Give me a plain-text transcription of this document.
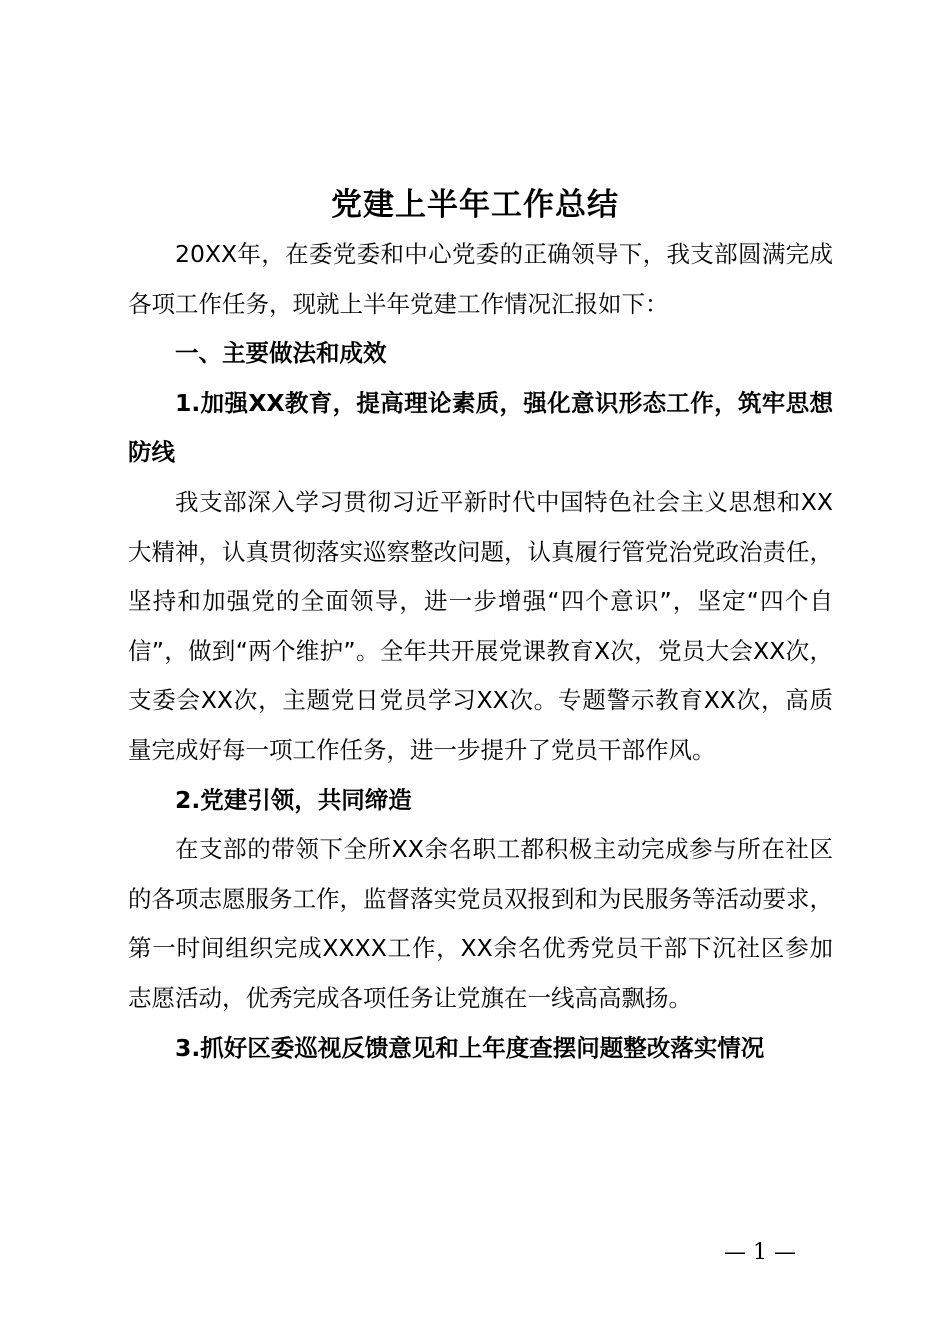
党建上半年工作总结

20XX年，在委党委和中心党委的正确领导下，我支部圆满完成各项工作任务，现就上半年党建工作情况汇报如下：

一、主要做法和成效

1.加强XX教育，提高理论素质，强化意识形态工作，筑牢思想防线

我支部深入学习贯彻习近平新时代中国特色社会主义思想和XX大精神，认真贯彻落实巡察整改问题，认真履行管党治党政治责任，坚持和加强党的全面领导，进一步增强“四个意识”，坚定“四个自信”，做到“两个维护”。全年共开展党课教育X次，党员大会XX次，支委会XX次，主题党日党员学习XX次。专题警示教育XX次，高质量完成好每一项工作任务，进一步提升了党员干部作风。

2.党建引领，共同缔造

在支部的带领下全所XX余名职工都积极主动完成参与所在社区的各项志愿服务工作，监督落实党员双报到和为民服务等活动要求，第一时间组织完成XXXX工作，XX余名优秀党员干部下沉社区参加志愿活动，优秀完成各项任务让党旗在一线高高飘扬。

3.抓好区委巡视反馈意见和上年度查摆问题整改落实情况

— 1 —
